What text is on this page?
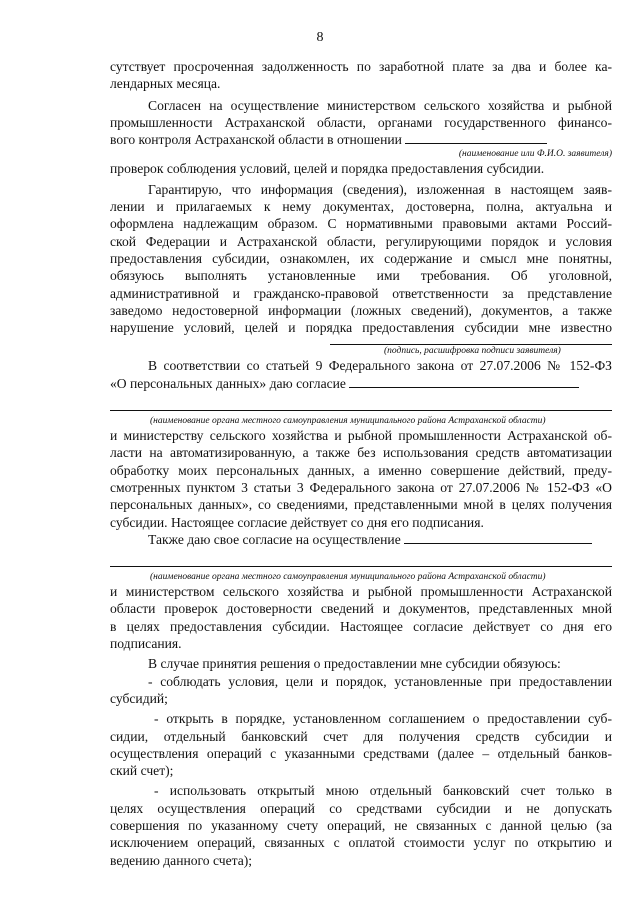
8

сутствует просроченная задолженность по заработной плате за два и более ка-

лендарных месяца.

Согласен на осуществление министерством сельского хозяйства и рыбной

промышленности Астраханской области, органами государственного финансо-

вого контроля Астраханской области в отношении

(наименование или Ф.И.О. заявителя)

проверок соблюдения условий, целей и порядка предоставления субсидии.

Гарантирую, что информация (сведения), изложенная в настоящем заяв-

лении и прилагаемых к нему документах, достоверна, полна, актуальна и

оформлена надлежащим образом. С нормативными правовыми актами Россий-

ской Федерации и Астраханской области, регулирующими порядок и условия

предоставления субсидии, ознакомлен, их содержание и смысл мне понятны,

обязуюсь выполнять установленные ими требования. Об уголовной,

административной и гражданско-правовой ответственности за представление

заведомо недостоверной информации (ложных сведений), документов, а также

нарушение условий, целей и порядка предоставления субсидии мне известно

(подпись, расшифровка подписи заявителя)

В соответствии со статьей 9 Федерального закона от 27.07.2006 № 152-ФЗ

«О персональных данных» даю согласие

(наименование органа местного самоуправления муниципального района Астраханской области)

и министерству сельского хозяйства и рыбной промышленности Астраханской об-

ласти на автоматизированную, а также без использования средств автоматизации

обработку моих персональных данных, а именно совершение действий, преду-

смотренных пунктом 3 статьи 3 Федерального закона от 27.07.2006 № 152-ФЗ «О

персональных данных», со сведениями, представленными мной в целях получения

субсидии. Настоящее согласие действует со дня его подписания.

Также даю свое согласие на осуществление

(наименование органа местного самоуправления муниципального района Астраханской области)

и министерством сельского хозяйства и рыбной промышленности Астраханской

области проверок достоверности сведений и документов, представленных мной

в целях предоставления субсидии. Настоящее согласие действует со дня его

подписания.

В случае принятия решения о предоставлении мне субсидии обязуюсь:

- соблюдать условия, цели и порядок, установленные при предоставлении

субсидий;

- открыть в порядке, установленном соглашением о предоставлении суб-

сидии, отдельный банковский счет для получения средств субсидии и

осуществления операций с указанными средствами (далее – отдельный банков-

ский счет);

- использовать открытый мною отдельный банковский счет только в

целях осуществления операций со средствами субсидии и не допускать

совершения по указанному счету операций, не связанных с данной целью (за

исключением операций, связанных с оплатой стоимости услуг по открытию и

ведению данного счета);
